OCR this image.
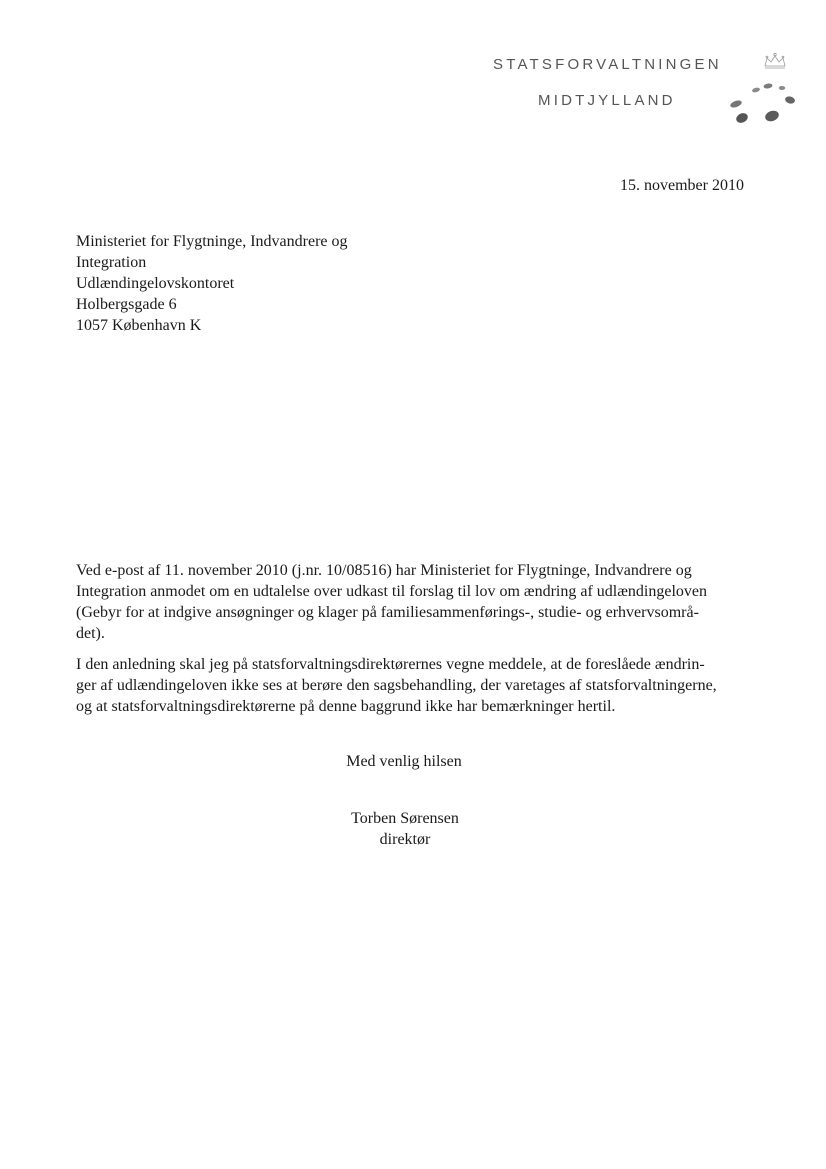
STATSFORVALTNINGEN
MIDTJYLLAND
15. november 2010
Ministeriet for Flygtninge, Indvandrere og
Integration
Udlændingelovskontoret
Holbergsgade 6
1057 København K
Ved e-post af 11. november 2010 (j.nr. 10/08516) har Ministeriet for Flygtninge, Indvandrere og
Integration anmodet om en udtalelse over udkast til forslag til lov om ændring af udlændingeloven
(Gebyr for at indgive ansøgninger og klager på familiesammenførings-, studie- og erhvervsområ-
det).
I den anledning skal jeg på statsforvaltningsdirektørernes vegne meddele, at de foreslåede ændrin-
ger af udlændingeloven ikke ses at berøre den sagsbehandling, der varetages af statsforvaltningerne,
og at statsforvaltningsdirektørerne på denne baggrund ikke har bemærkninger hertil.
Med venlig hilsen
Torben Sørensen
direktør
